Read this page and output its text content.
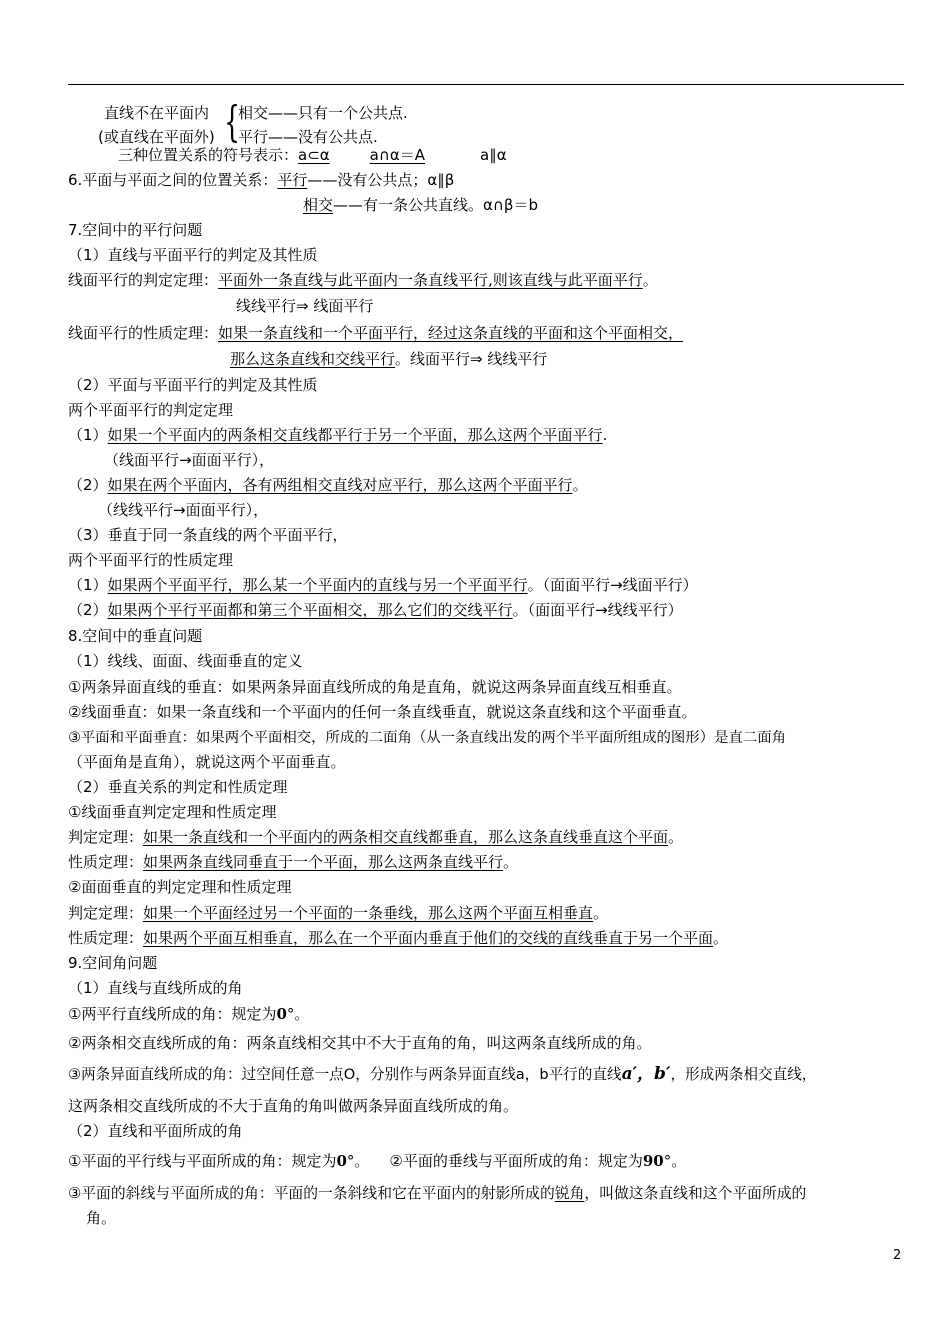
直线不在平面内 {
相交——只有一个公共点.
(或直线在平面外) 平行——没有公共点.
三种位置关系的符号表示：a⊂α	a∩α＝A	a∥α
6.平面与平面之间的位置关系：平行——没有公共点；α∥β
相交——有一条公共直线。α∩β＝b
7.空间中的平行问题
（1）直线与平面平行的判定及其性质
线面平行的判定定理：平面外一条直线与此平面内一条直线平行,则该直线与此平面平行。
线线平行⇒ 线面平行
线面平行的性质定理：如果一条直线和一个平面平行，经过这条直线的平面和这个平面相交，
那么这条直线和交线平行。线面平行⇒ 线线平行
（2）平面与平面平行的判定及其性质
两个平面平行的判定定理
（1）如果一个平面内的两条相交直线都平行于另一个平面，那么这两个平面平行.
（线面平行→面面平行），
（2）如果在两个平面内，各有两组相交直线对应平行，那么这两个平面平行。
（线线平行→面面平行），
（3）垂直于同一条直线的两个平面平行，
两个平面平行的性质定理
（1）如果两个平面平行，那么某一个平面内的直线与另一个平面平行。（面面平行→线面平行）
（2）如果两个平行平面都和第三个平面相交，那么它们的交线平行。（面面平行→线线平行）
8.空间中的垂直问题
（1）线线、面面、线面垂直的定义
①两条异面直线的垂直：如果两条异面直线所成的角是直角，就说这两条异面直线互相垂直。
②线面垂直：如果一条直线和一个平面内的任何一条直线垂直，就说这条直线和这个平面垂直。
③平面和平面垂直：如果两个平面相交，所成的二面角（从一条直线出发的两个半平面所组成的图形）是直二面角
（平面角是直角），就说这两个平面垂直。
（2）垂直关系的判定和性质定理
①线面垂直判定定理和性质定理
判定定理：如果一条直线和一个平面内的两条相交直线都垂直，那么这条直线垂直这个平面。
性质定理：如果两条直线同垂直于一个平面，那么这两条直线平行。
②面面垂直的判定定理和性质定理
判定定理：如果一个平面经过另一个平面的一条垂线，那么这两个平面互相垂直。
性质定理：如果两个平面互相垂直，那么在一个平面内垂直于他们的交线的直线垂直于另一个平面。
9.空间角问题
（1）直线与直线所成的角
①两平行直线所成的角：规定为0°。
②两条相交直线所成的角：两条直线相交其中不大于直角的角，叫这两条直线所成的角。
③两条异面直线所成的角：过空间任意一点O，分别作与两条异面直线a，b平行的直线a′，b′，形成两条相交直线，
这两条相交直线所成的不大于直角的角叫做两条异面直线所成的角。
（2）直线和平面所成的角
①平面的平行线与平面所成的角：规定为0°。 ②平面的垂线与平面所成的角：规定为90°。
③平面的斜线与平面所成的角：平面的一条斜线和它在平面内的射影所成的锐角，叫做这条直线和这个平面所成的
角。
2
